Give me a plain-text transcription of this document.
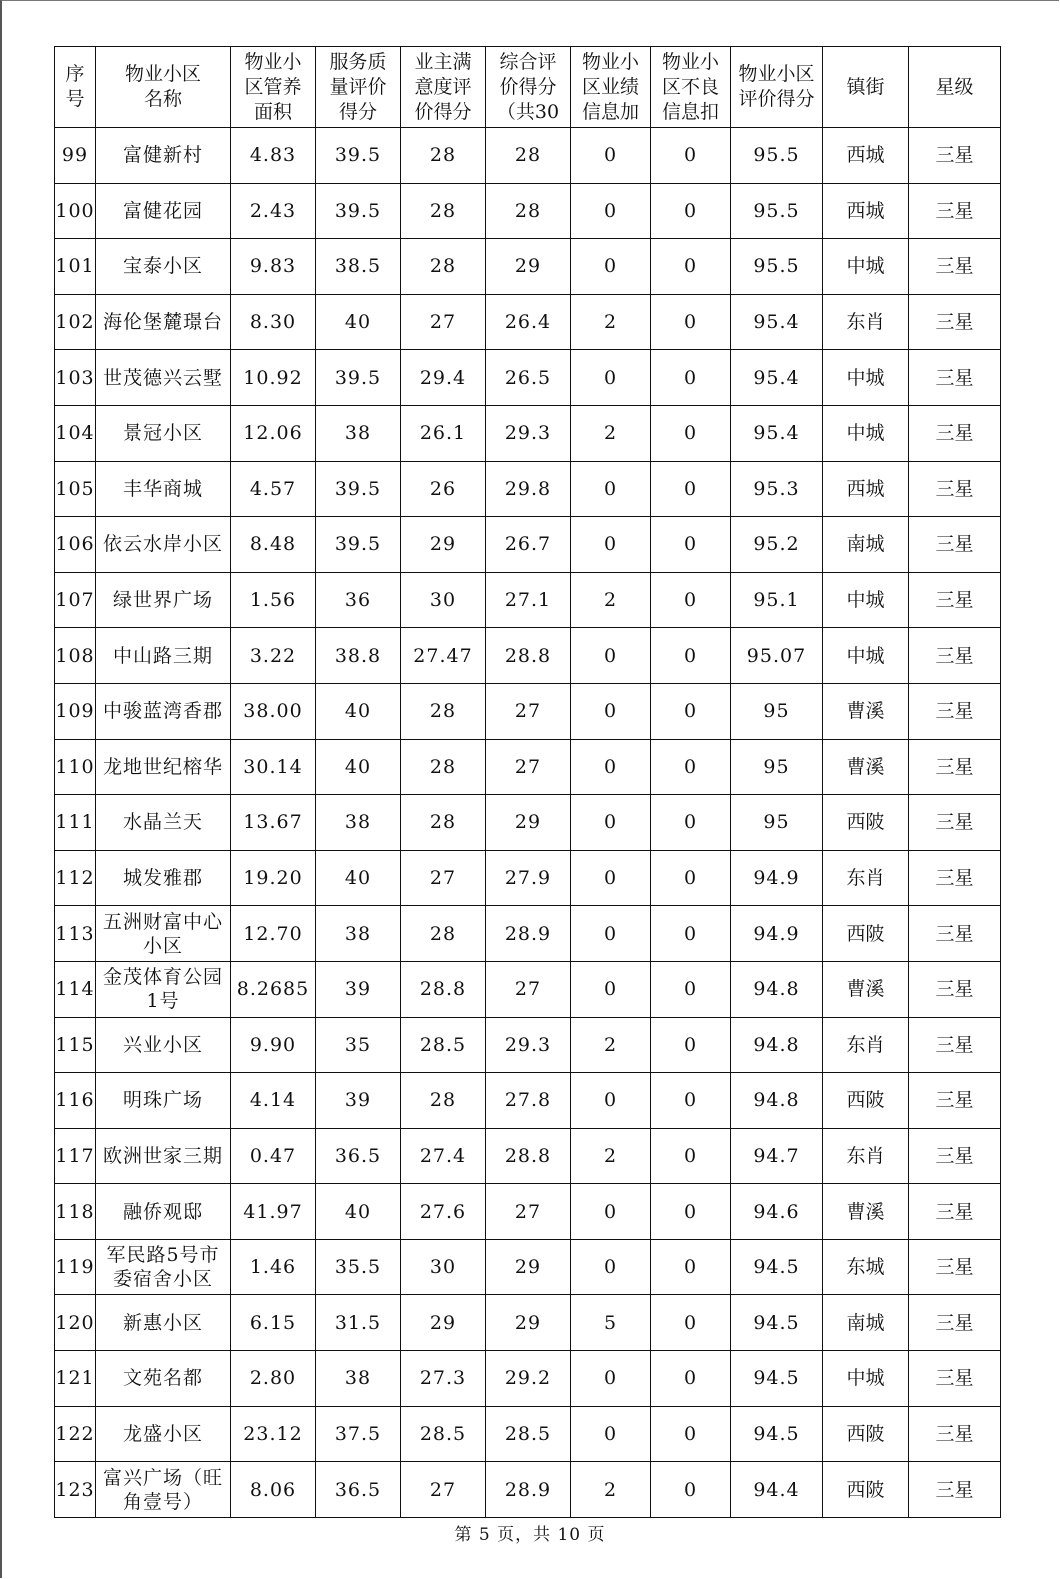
序
号	物业小区
名称	物业小
区管养
面积	服务质
量评价
得分	业主满
意度评
价得分	综合评
价得分
（共30	物业小
区业绩
信息加	物业小
区不良
信息扣	物业小区
评价得分	镇街	星级

99	富健新村	4.83	39.5	28	28	0	0	95.5	西城	三星
100	富健花园	2.43	39.5	28	28	0	0	95.5	西城	三星
101	宝泰小区	9.83	38.5	28	29	0	0	95.5	中城	三星
102	海伦堡麓璟台	8.30	40	27	26.4	2	0	95.4	东肖	三星
103	世茂德兴云墅	10.92	39.5	29.4	26.5	0	0	95.4	中城	三星
104	景冠小区	12.06	38	26.1	29.3	2	0	95.4	中城	三星
105	丰华商城	4.57	39.5	26	29.8	0	0	95.3	西城	三星
106	依云水岸小区	8.48	39.5	29	26.7	0	0	95.2	南城	三星
107	绿世界广场	1.56	36	30	27.1	2	0	95.1	中城	三星
108	中山路三期	3.22	38.8	27.47	28.8	0	0	95.07	中城	三星
109	中骏蓝湾香郡	38.00	40	28	27	0	0	95	曹溪	三星
110	龙地世纪榕华	30.14	40	28	27	0	0	95	曹溪	三星
111	水晶兰天	13.67	38	28	29	0	0	95	西陂	三星
112	城发雅郡	19.20	40	27	27.9	0	0	94.9	东肖	三星
113	五洲财富中心
小区	12.70	38	28	28.9	0	0	94.9	西陂	三星
114	金茂体育公园
1号	8.2685	39	28.8	27	0	0	94.8	曹溪	三星
115	兴业小区	9.90	35	28.5	29.3	2	0	94.8	东肖	三星
116	明珠广场	4.14	39	28	27.8	0	0	94.8	西陂	三星
117	欧洲世家三期	0.47	36.5	27.4	28.8	2	0	94.7	东肖	三星
118	融侨观邸	41.97	40	27.6	27	0	0	94.6	曹溪	三星
119	军民路5号市
委宿舍小区	1.46	35.5	30	29	0	0	94.5	东城	三星
120	新惠小区	6.15	31.5	29	29	5	0	94.5	南城	三星
121	文苑名都	2.80	38	27.3	29.2	0	0	94.5	中城	三星
122	龙盛小区	23.12	37.5	28.5	28.5	0	0	94.5	西陂	三星
123	富兴广场（旺
角壹号）	8.06	36.5	27	28.9	2	0	94.4	西陂	三星
第 5 页，共 10 页
